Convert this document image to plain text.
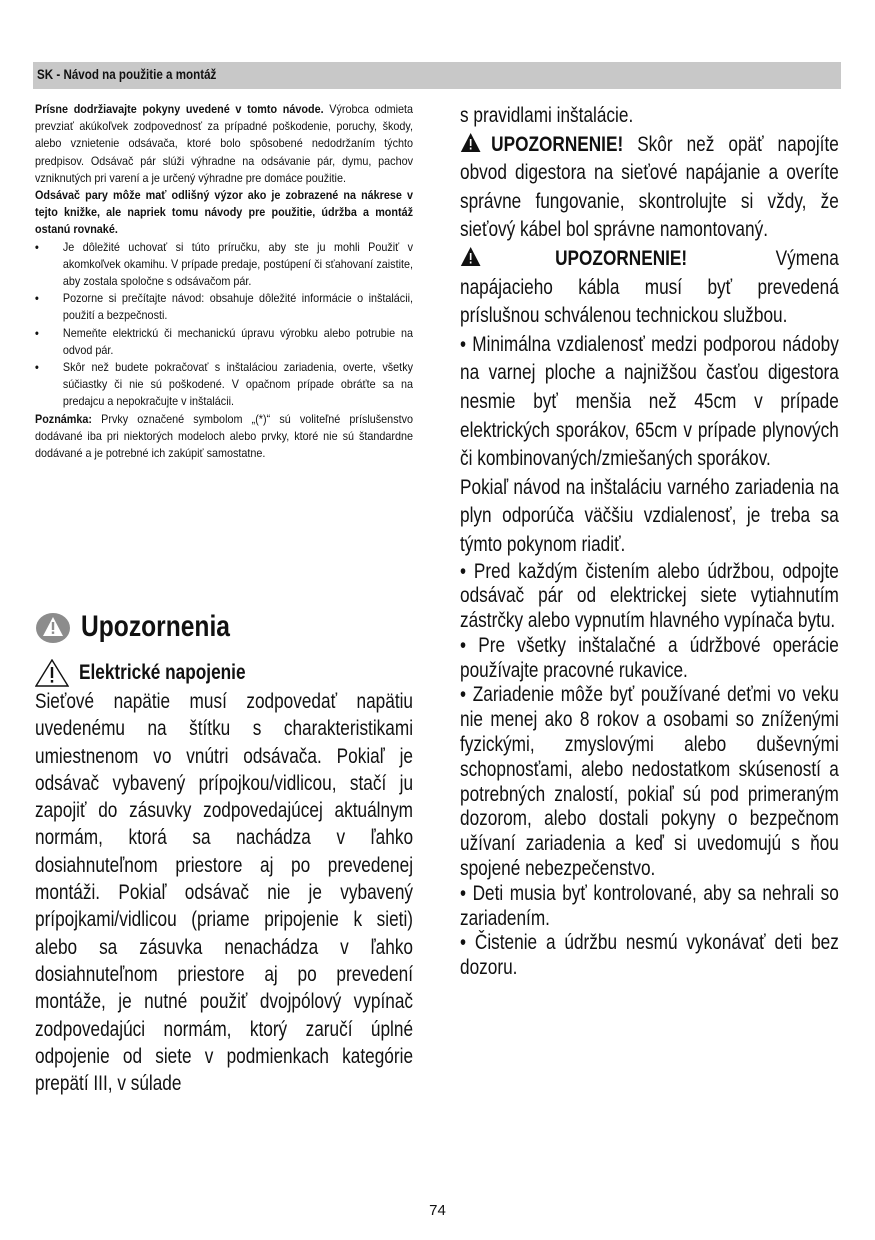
SK - Návod na použitie a montáž

Prísne dodržiavajte pokyny uvedené v tomto návode. Výrobca odmieta prevziať akúkoľvek zodpovednosť za prípadné poškodenie, poruchy, škody, alebo vznietenie odsávača, ktoré bolo spôsobené nedodržaním týchto predpisov. Odsávač pár slúži výhradne na odsávanie pár, dymu, pachov vzniknutých pri varení a je určený výhradne pre domáce použitie.

Odsávač pary môže mať odlišný výzor ako je zobrazené na nákrese v tejto knižke, ale napriek tomu návody pre použitie, údržba a montáž ostanú rovnaké.

• Je dôležité uchovať si túto príručku, aby ste ju mohli Použiť v akomkoľvek okamihu. V prípade predaje, postúpení či sťahovaní zaistite, aby zostala spoločne s odsávačom pár.
• Pozorne si prečítajte návod: obsahuje dôležité informácie o inštalácii, použití a bezpečnosti.
• Nemeňte elektrickú či mechanickú úpravu výrobku alebo potrubie na odvod pár.
• Skôr než budete pokračovať s inštaláciou zariadenia, overte, všetky súčiastky či nie sú poškodené. V opačnom prípade obráťte sa na predajcu a nepokračujte v inštalácii.

Poznámka: Prvky označené symbolom „(*)“ sú voliteľné príslušenstvo dodávané iba pri niektorých modeloch alebo prvky, ktoré nie sú štandardne dodávané a je potrebné ich zakúpiť samostatne.

Upozornenia
Elektrické napojenie
Sieťové napätie musí zodpovedať napätiu uvedenému na štítku s charakteristikami umiestnenom vo vnútri odsávača. Pokiaľ je odsávač vybavený prípojkou/vidlicou, stačí ju zapojiť do zásuvky zodpovedajúcej aktuálnym normám, ktorá sa nachádza v ľahko dosiahnuteľnom priestore aj po prevedenej montáži. Pokiaľ odsávač nie je vybavený prípojkami/vidlicou (priame pripojenie k sieti) alebo sa zásuvka nenachádza v ľahko dosiahnuteľnom priestore aj po prevedení montáže, je nutné použiť dvojpólový vypínač zodpovedajúci normám, ktorý zaručí úplné odpojenie od siete v podmienkach kategórie prepätí III, v súlade

s pravidlami inštalácie.

UPOZORNENIE! Skôr než opäť napojíte obvod digestora na sieťové napájanie a overíte správne fungovanie, skontrolujte si vždy, že sieťový kábel bol správne namontovaný.

UPOZORNENIE! Výmena napájacieho kábla musí byť prevedená príslušnou schválenou technickou službou.

• Minimálna vzdialenosť medzi podporou nádoby na varnej ploche a najnižšou časťou digestora nesmie byť menšia než 45cm v prípade elektrických sporákov, 65cm v prípade plynových či kombinovaných/zmiešaných sporákov.

Pokiaľ návod na inštaláciu varného zariadenia na plyn odporúča väčšiu vzdialenosť, je treba sa týmto pokynom riadiť.

• Pred každým čistením alebo údržbou, odpojte odsávač pár od elektrickej siete vytiahnutím zástrčky alebo vypnutím hlavného vypínača bytu.

• Pre všetky inštalačné a údržbové operácie používajte pracovné rukavice.

• Zariadenie môže byť používané deťmi vo veku nie menej ako 8 rokov a osobami so zníženými fyzickými, zmyslovými alebo duševnými schopnosťami, alebo nedostatkom skúseností a potrebných znalostí, pokiaľ sú pod primeraným dozorom, alebo dostali pokyny o bezpečnom užívaní zariadenia a keď si uvedomujú s ňou spojené nebezpečenstvo.

• Deti musia byť kontrolované, aby sa nehrali so zariadením.

• Čistenie a údržbu nesmú vykonávať deti bez dozoru.

74
